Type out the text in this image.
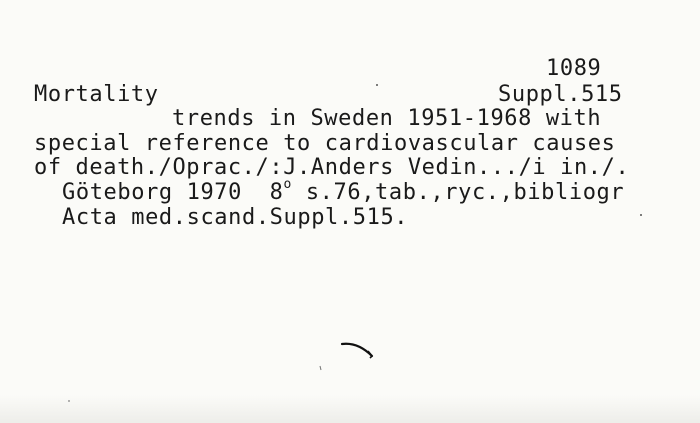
1089
Mortality	Suppl.515
trends in Sweden 1951-1968 with
special reference to cardiovascular causes
of death./Oprac./:J.Anders Vedin.../i in./.
Göteborg 1970  8$^o$ s.76,tab.,ryc.,bibliogr
Acta med.scand.Suppl.515.
